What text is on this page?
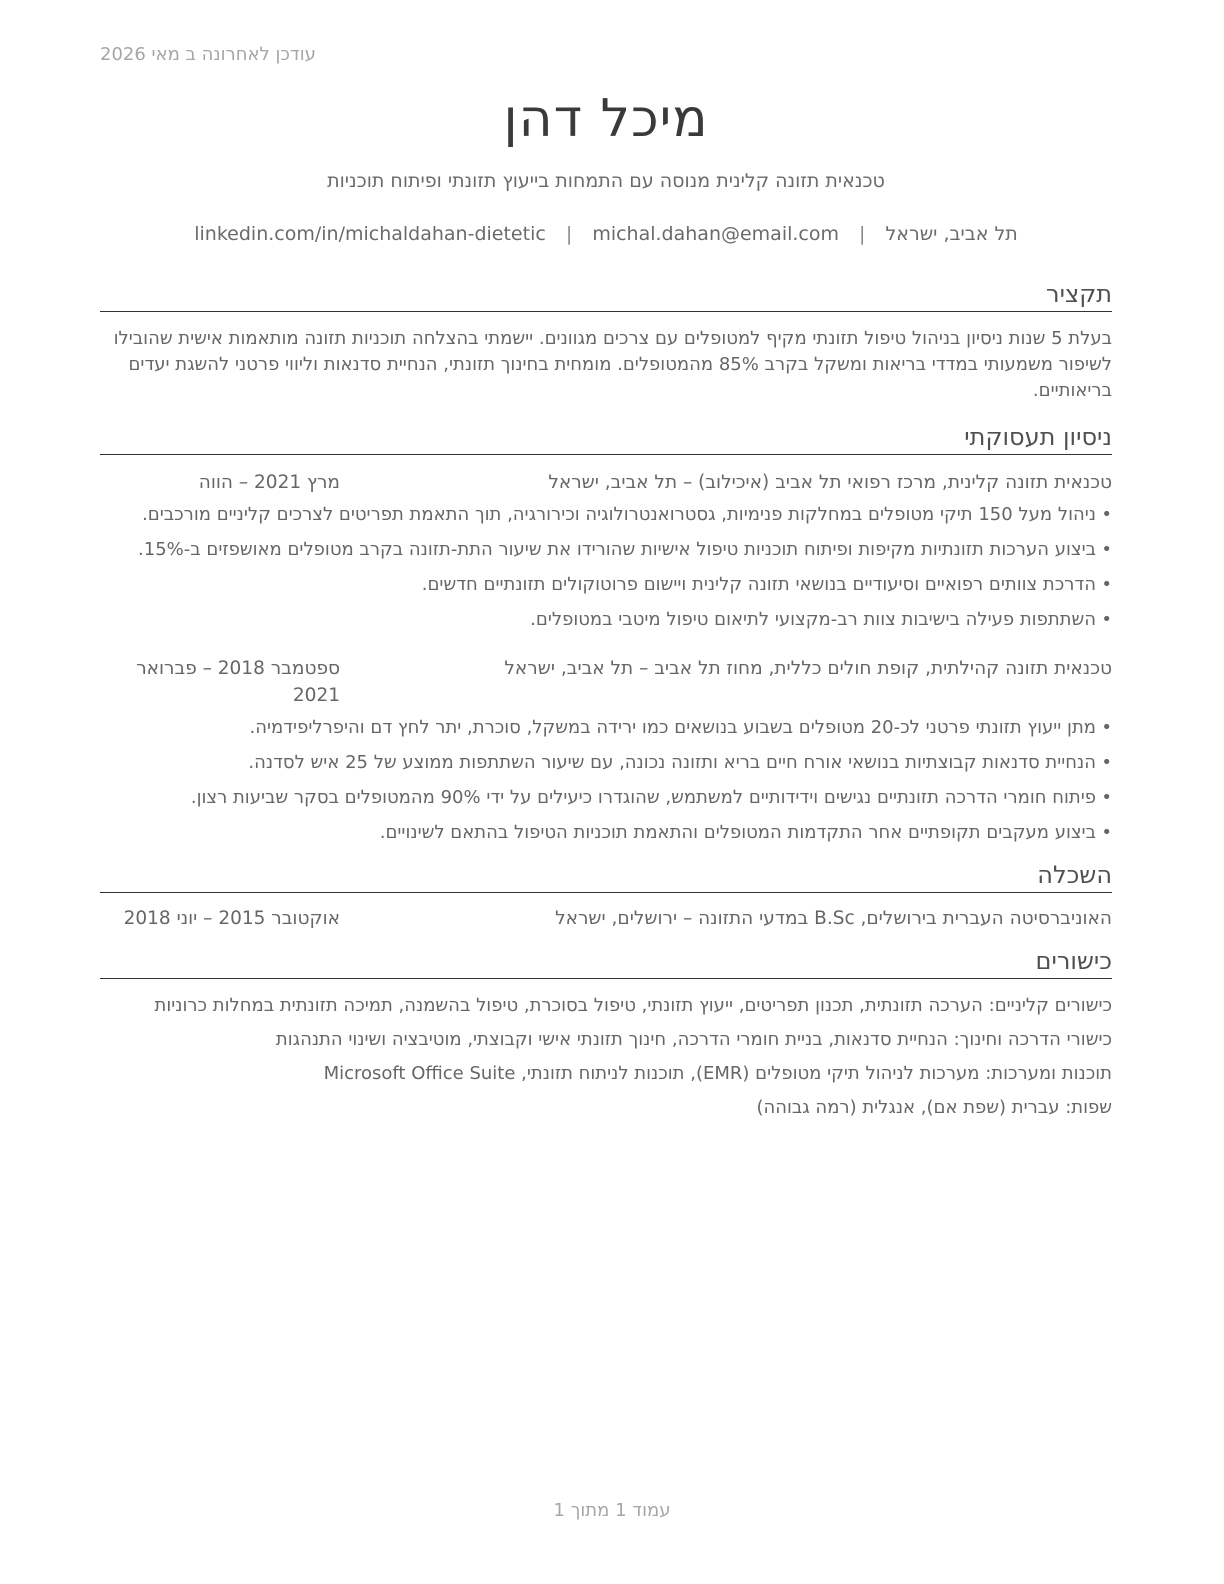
עודכן לאחרונה ב מאי 2026
מיכל דהן
טכנאית תזונה קלינית מנוסה עם התמחות בייעוץ תזונתי ופיתוח תוכניות
תל אביב, ישראל | michal.dahan@email.com | linkedin.com/in/michaldahan-dietetic
תקציר
בעלת 5 שנות ניסיון בניהול טיפול תזונתי מקיף למטופלים עם צרכים מגוונים. יישמתי בהצלחה תוכניות תזונה מותאמות אישית שהובילו לשיפור משמעותי במדדי בריאות ומשקל בקרב 85% מהמטופלים. מומחית בחינוך תזונתי, הנחיית סדנאות וליווי פרטני להשגת יעדים בריאותיים.
ניסיון תעסוקתי
טכנאית תזונה קלינית, מרכז רפואי תל אביב (איכילוב) – תל אביב, ישראל
מרץ 2021 – הווה
• ניהול מעל 150 תיקי מטופלים במחלקות פנימיות, גסטרואנטרולוגיה וכירורגיה, תוך התאמת תפריטים לצרכים קליניים מורכבים.
• ביצוע הערכות תזונתיות מקיפות ופיתוח תוכניות טיפול אישיות שהורידו את שיעור התת-תזונה בקרב מטופלים מאושפזים ב-15%.
• הדרכת צוותים רפואיים וסיעודיים בנושאי תזונה קלינית ויישום פרוטוקולים תזונתיים חדשים.
• השתתפות פעילה בישיבות צוות רב-מקצועי לתיאום טיפול מיטבי במטופלים.
טכנאית תזונה קהילתית, קופת חולים כללית, מחוז תל אביב – תל אביב, ישראל
ספטמבר 2018 – פברואר 2021
• מתן ייעוץ תזונתי פרטני לכ-20 מטופלים בשבוע בנושאים כמו ירידה במשקל, סוכרת, יתר לחץ דם והיפרליפידמיה.
• הנחיית סדנאות קבוצתיות בנושאי אורח חיים בריא ותזונה נכונה, עם שיעור השתתפות ממוצע של 25 איש לסדנה.
• פיתוח חומרי הדרכה תזונתיים נגישים וידידותיים למשתמש, שהוגדרו כיעילים על ידי 90% מהמטופלים בסקר שביעות רצון.
• ביצוע מעקבים תקופתיים אחר התקדמות המטופלים והתאמת תוכניות הטיפול בהתאם לשינויים.
השכלה
האוניברסיטה העברית בירושלים, B.Sc במדעי התזונה – ירושלים, ישראל
אוקטובר 2015 – יוני 2018
כישורים
כישורים קליניים: הערכה תזונתית, תכנון תפריטים, ייעוץ תזונתי, טיפול בסוכרת, טיפול בהשמנה, תמיכה תזונתית במחלות כרוניות
כישורי הדרכה וחינוך: הנחיית סדנאות, בניית חומרי הדרכה, חינוך תזונתי אישי וקבוצתי, מוטיבציה ושינוי התנהגות
תוכנות ומערכות: מערכות לניהול תיקי מטופלים (EMR), תוכנות לניתוח תזונתי, Microsoft Office Suite
שפות: עברית (שפת אם), אנגלית (רמה גבוהה)
עמוד 1 מתוך 1
